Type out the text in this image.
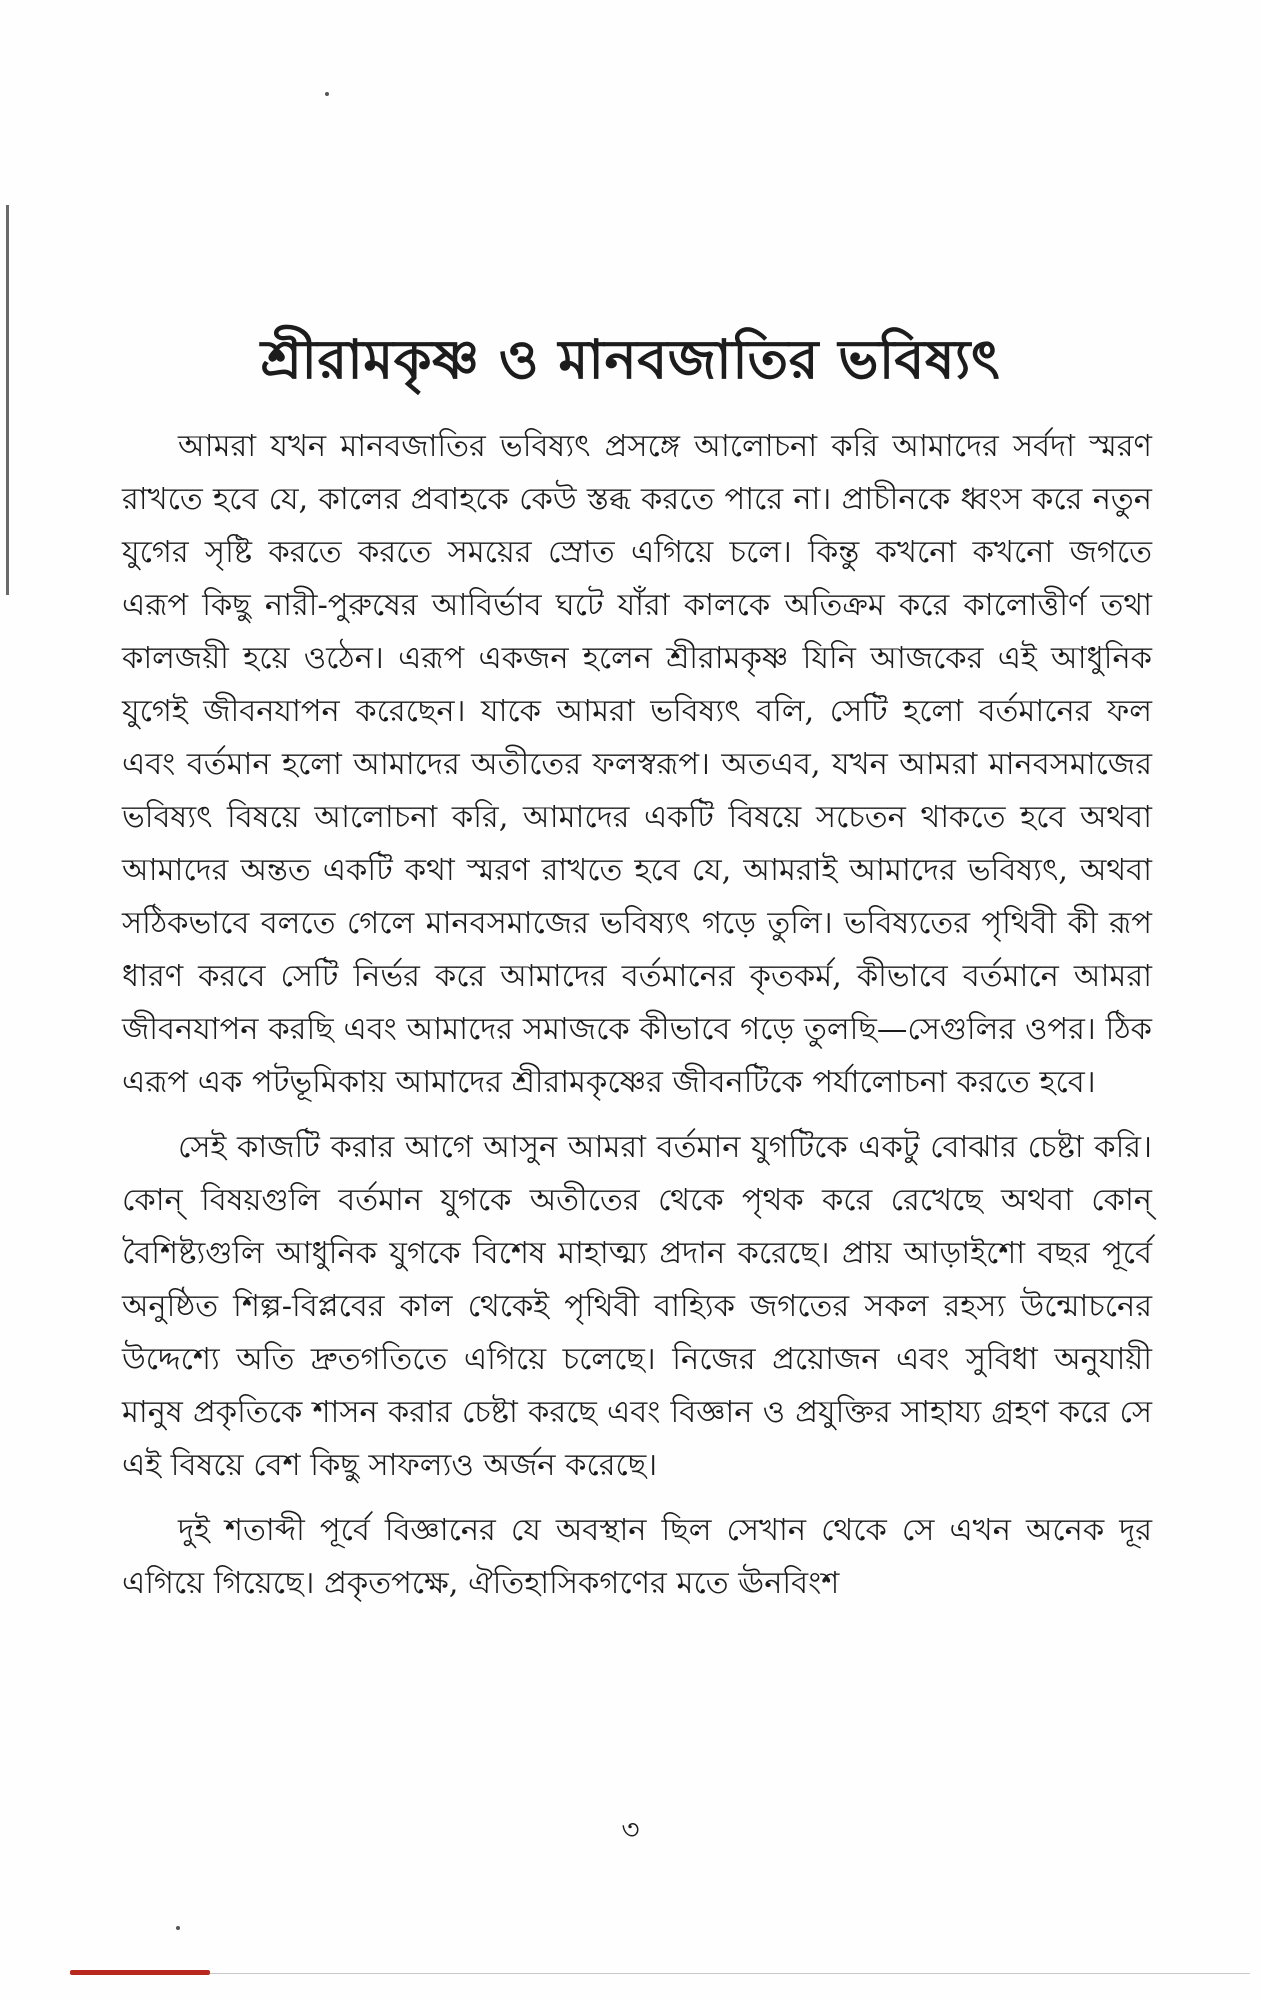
শ্রীরামকৃষ্ণ ও মানবজাতির ভবিষ্যৎ

আমরা যখন মানবজাতির ভবিষ্যৎ প্রসঙ্গে আলোচনা করি আমাদের সর্বদা স্মরণ রাখতে হবে যে, কালের প্রবাহকে কেউ স্তব্ধ করতে পারে না। প্রাচীনকে ধ্বংস করে নতুন যুগের সৃষ্টি করতে করতে সময়ের স্রোত এগিয়ে চলে। কিন্তু কখনো কখনো জগতে এরূপ কিছু নারী-পুরুষের আবির্ভাব ঘটে যাঁরা কালকে অতিক্রম করে কালোত্তীর্ণ তথা কালজয়ী হয়ে ওঠেন। এরূপ একজন হলেন শ্রীরামকৃষ্ণ যিনি আজকের এই আধুনিক যুগেই জীবনযাপন করেছেন। যাকে আমরা ভবিষ্যৎ বলি, সেটি হলো বর্তমানের ফল এবং বর্তমান হলো আমাদের অতীতের ফলস্বরূপ। অতএব, যখন আমরা মানবসমাজের ভবিষ্যৎ বিষয়ে আলোচনা করি, আমাদের একটি বিষয়ে সচেতন থাকতে হবে অথবা আমাদের অন্তত একটি কথা স্মরণ রাখতে হবে যে, আমরাই আমাদের ভবিষ্যৎ, অথবা সঠিকভাবে বলতে গেলে মানবসমাজের ভবিষ্যৎ গড়ে তুলি। ভবিষ্যতের পৃথিবী কী রূপ ধারণ করবে সেটি নির্ভর করে আমাদের বর্তমানের কৃতকর্ম, কীভাবে বর্তমানে আমরা জীবনযাপন করছি এবং আমাদের সমাজকে কীভাবে গড়ে তুলছি—সেগুলির ওপর। ঠিক এরূপ এক পটভূমিকায় আমাদের শ্রীরামকৃষ্ণের জীবনটিকে পর্যালোচনা করতে হবে।

সেই কাজটি করার আগে আসুন আমরা বর্তমান যুগটিকে একটু বোঝার চেষ্টা করি। কোন্ বিষয়গুলি বর্তমান যুগকে অতীতের থেকে পৃথক করে রেখেছে অথবা কোন্ বৈশিষ্ট্যগুলি আধুনিক যুগকে বিশেষ মাহাত্ম্য প্রদান করেছে। প্রায় আড়াইশো বছর পূর্বে অনুষ্ঠিত শিল্প-বিপ্লবের কাল থেকেই পৃথিবী বাহ্যিক জগতের সকল রহস্য উন্মোচনের উদ্দেশ্যে অতি দ্রুতগতিতে এগিয়ে চলেছে। নিজের প্রয়োজন এবং সুবিধা অনুযায়ী মানুষ প্রকৃতিকে শাসন করার চেষ্টা করছে এবং বিজ্ঞান ও প্রযুক্তির সাহায্য গ্রহণ করে সে এই বিষয়ে বেশ কিছু সাফল্যও অর্জন করেছে।

দুই শতাব্দী পূর্বে বিজ্ঞানের যে অবস্থান ছিল সেখান থেকে সে এখন অনেক দূর এগিয়ে গিয়েছে। প্রকৃতপক্ষে, ঐতিহাসিকগণের মতে ঊনবিংশ

৩
